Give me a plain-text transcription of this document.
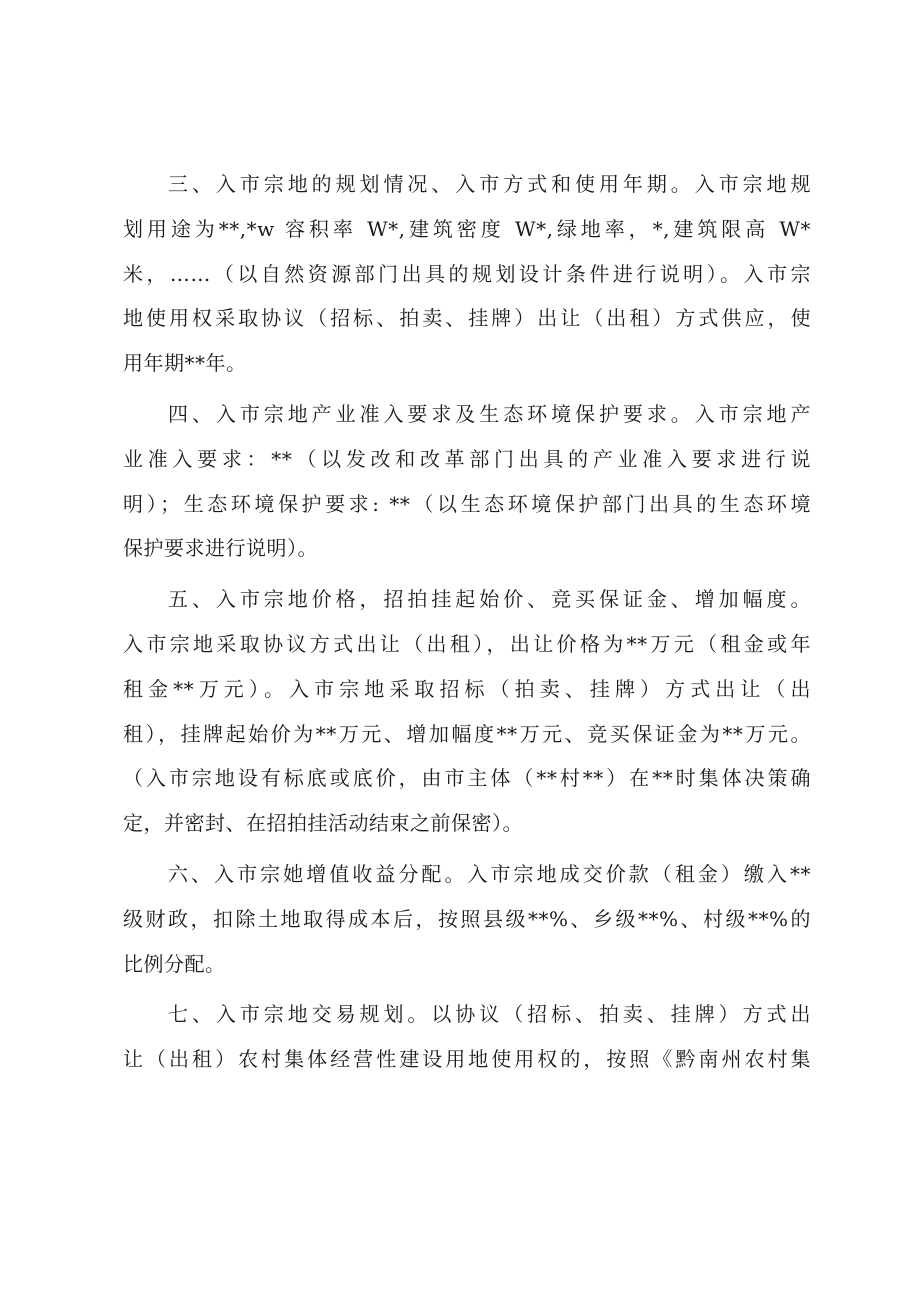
三、入市宗地的规划情况、入市方式和使用年期。入市宗地规
划用途为**,*w 容积率 W*,建筑密度 W*,绿地率，*,建筑限高 W*
米，……（以自然资源部门出具的规划设计条件进行说明）。入市宗
地使用权采取协议（招标、拍卖、挂牌）出让（出租）方式供应，使
用年期**年。
四、入市宗地产业准入要求及生态环境保护要求。入市宗地产
业准入要求：**（以发改和改革部门出具的产业准入要求进行说
明）；生态环境保护要求: **（以生态环境保护部门出具的生态环境
保护要求进行说明）。
五、入市宗地价格，招拍挂起始价、竞买保证金、增加幅度。
入市宗地采取协议方式出让（出租），出让价格为**万元（租金或年
租金**万元）。入市宗地采取招标（拍卖、挂牌）方式出让（出
租），挂牌起始价为**万元、增加幅度**万元、竞买保证金为**万元。
（入市宗地设有标底或底价，由市主体（**村**）在**时集体决策确
定，并密封、在招拍挂活动结束之前保密）。
六、入市宗她增值收益分配。入市宗地成交价款（租金）缴入**
级财政，扣除土地取得成本后，按照县级**%、乡级**%、村级**%的
比例分配。
七、入市宗地交易规划。以协议（招标、拍卖、挂牌）方式出
让（出租）农村集体经营性建设用地使用权的，按照《黔南州农村集
